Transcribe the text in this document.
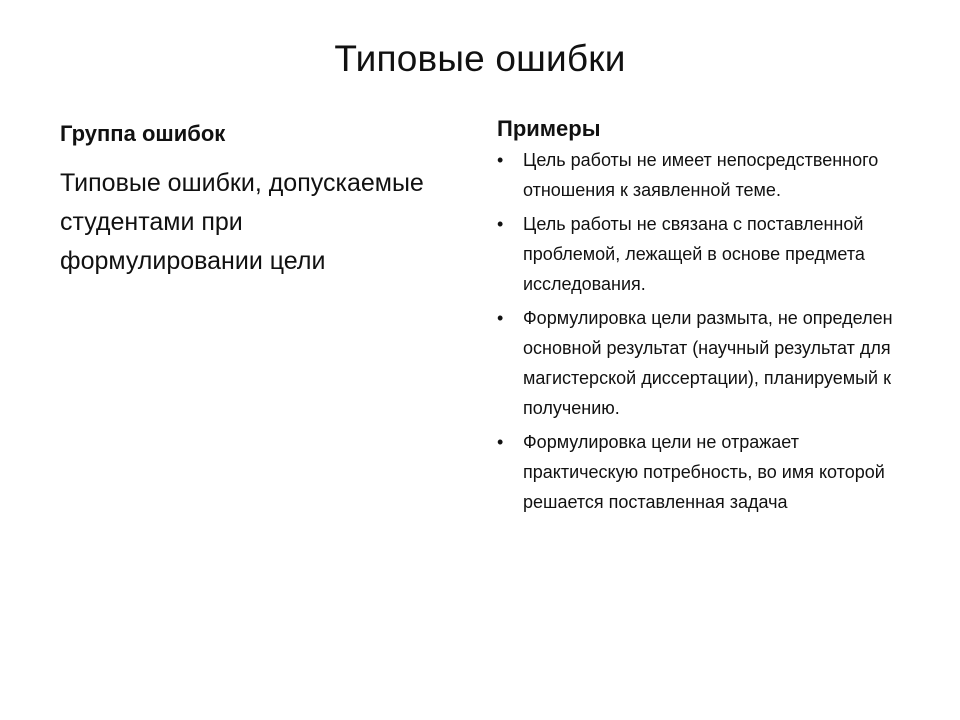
Типовые ошибки
Группа ошибок
Типовые ошибки, допускаемые студентами при формулировании цели
Примеры
• Цель работы не имеет непосредственного отношения к заявленной теме.
• Цель работы не связана с поставленной проблемой, лежащей в основе предмета исследования.
• Формулировка цели размыта, не определен основной результат (научный результат для магистерской диссертации), планируемый к получению.
• Формулировка цели не отражает практическую потребность, во имя которой решается поставленная задача
